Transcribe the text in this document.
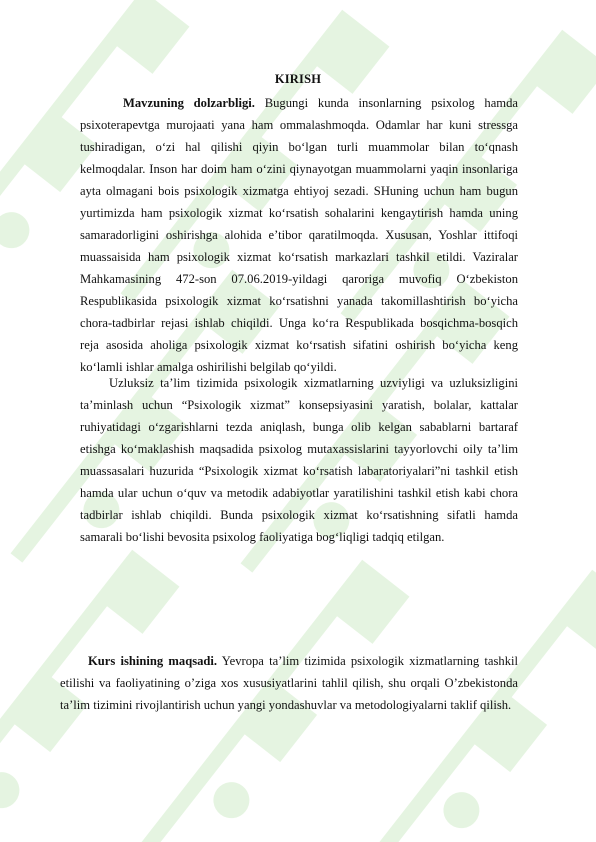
KIRISH

Mavzuning dolzarbligi. Bugungi kunda insonlarning psixolog hamda psixoterapevtga murojaati yana ham ommalashmoqda. Odamlar har kuni stressga tushiradigan, o‘zi hal qilishi qiyin bo‘lgan turli muammolar bilan to‘qnash kelmoqdalar. Inson har doim ham o‘zini qiynayotgan muammolarni yaqin insonlariga ayta olmagani bois psixologik xizmatga ehtiyoj sezadi. SHuning uchun ham bugun yurtimizda ham psixologik xizmat ko‘rsatish sohalarini kengaytirish hamda uning samaradorligini oshirishga alohida e’tibor qaratilmoqda. Xususan, Yoshlar ittifoqi muassaisida ham psixologik xizmat ko‘rsatish markazlari tashkil etildi. Vaziralar Mahkamasining 472-son 07.06.2019-yildagi qaroriga muvofiq O‘zbekiston Respublikasida psixologik xizmat ko‘rsatishni yanada takomillashtirish bo‘yicha chora-tadbirlar rejasi ishlab chiqildi. Unga ko‘ra Respublikada bosqichma-bosqich reja asosida aholiga psixologik xizmat ko‘rsatish sifatini oshirish bo‘yicha keng ko‘lamli ishlar amalga oshirilishi belgilab qo‘yildi.

Uzluksiz ta’lim tizimida psixologik xizmatlarning uzviyligi va uzluksizligini ta’minlash uchun “Psixologik xizmat” konsepsiyasini yaratish, bolalar, kattalar ruhiyatidagi o‘zgarishlarni tezda aniqlash, bunga olib kelgan sabablarni bartaraf etishga ko‘maklashish maqsadida psixolog mutaxassislarini tayyorlovchi oily ta’lim muassasalari huzurida “Psixologik xizmat ko‘rsatish labaratoriyalari”ni tashkil etish hamda ular uchun o‘quv va metodik adabiyotlar yaratilishini tashkil etish kabi chora tadbirlar ishlab chiqildi. Bunda psixologik xizmat ko‘rsatishning sifatli hamda samarali bo‘lishi bevosita psixolog faoliyatiga bog‘liqligi tadqiq etilgan.

Kurs ishining maqsadi. Yevropa ta’lim tizimida psixologik xizmatlarning tashkil etilishi va faoliyatining o’ziga xos xususiyatlarini tahlil qilish, shu orqali O’zbekistonda ta’lim tizimini rivojlantirish uchun yangi yondashuvlar va metodologiyalarni taklif qilish.
